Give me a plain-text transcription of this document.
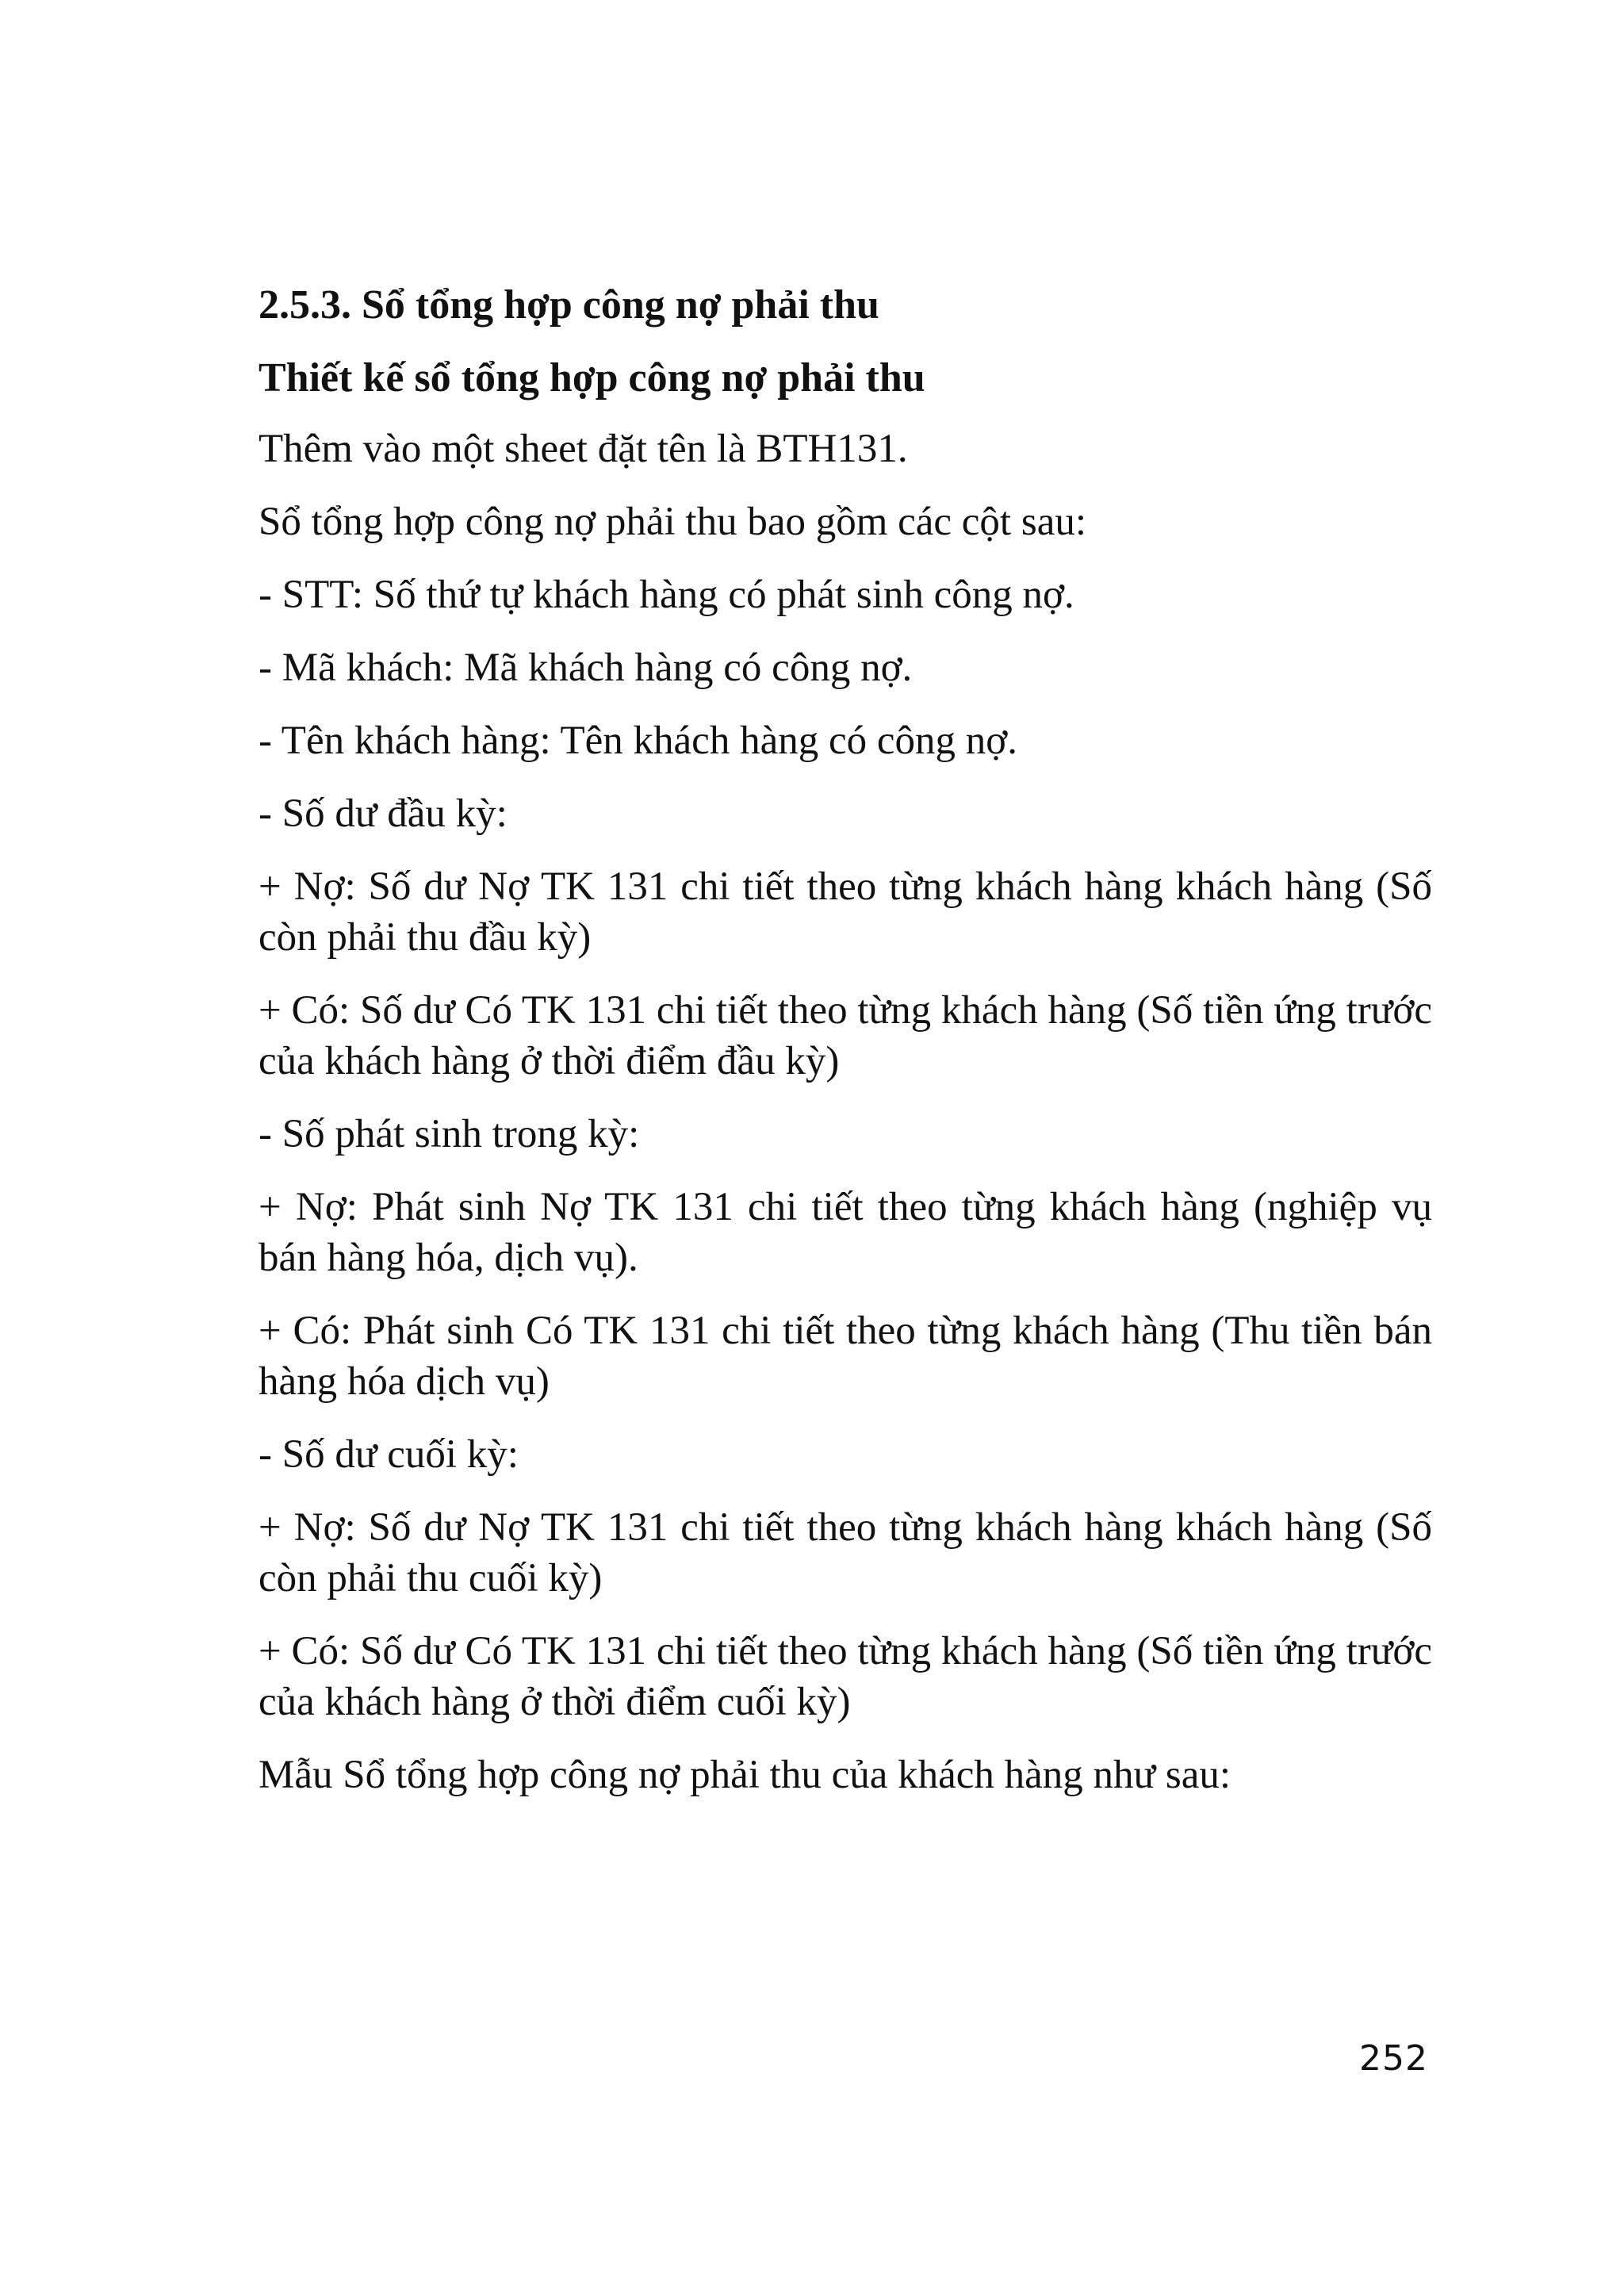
2.5.3. Sổ tổng hợp công nợ phải thu
Thiết kế sổ tổng hợp công nợ phải thu

Thêm vào một sheet đặt tên là BTH131.

Sổ tổng hợp công nợ phải thu bao gồm các cột sau:

- STT: Số thứ tự khách hàng có phát sinh công nợ.

- Mã khách: Mã khách hàng có công nợ.

- Tên khách hàng: Tên khách hàng có công nợ.

- Số dư đầu kỳ:

+ Nợ: Số dư Nợ TK 131 chi tiết theo từng khách hàng khách hàng (Số còn phải thu đầu kỳ)

+ Có: Số dư Có TK 131 chi tiết theo từng khách hàng (Số tiền ứng trước của khách hàng ở thời điểm đầu kỳ)

- Số phát sinh trong kỳ:

+ Nợ: Phát sinh Nợ TK 131 chi tiết theo từng khách hàng (nghiệp vụ bán hàng hóa, dịch vụ).

+ Có: Phát sinh Có TK 131 chi tiết theo từng khách hàng (Thu tiền bán hàng hóa dịch vụ)

- Số dư cuối kỳ:

+ Nợ: Số dư Nợ TK 131 chi tiết theo từng khách hàng khách hàng (Số còn phải thu cuối kỳ)

+ Có: Số dư Có TK 131 chi tiết theo từng khách hàng (Số tiền ứng trước của khách hàng ở thời điểm cuối kỳ)

Mẫu Sổ tổng hợp công nợ phải thu của khách hàng như sau:

252
